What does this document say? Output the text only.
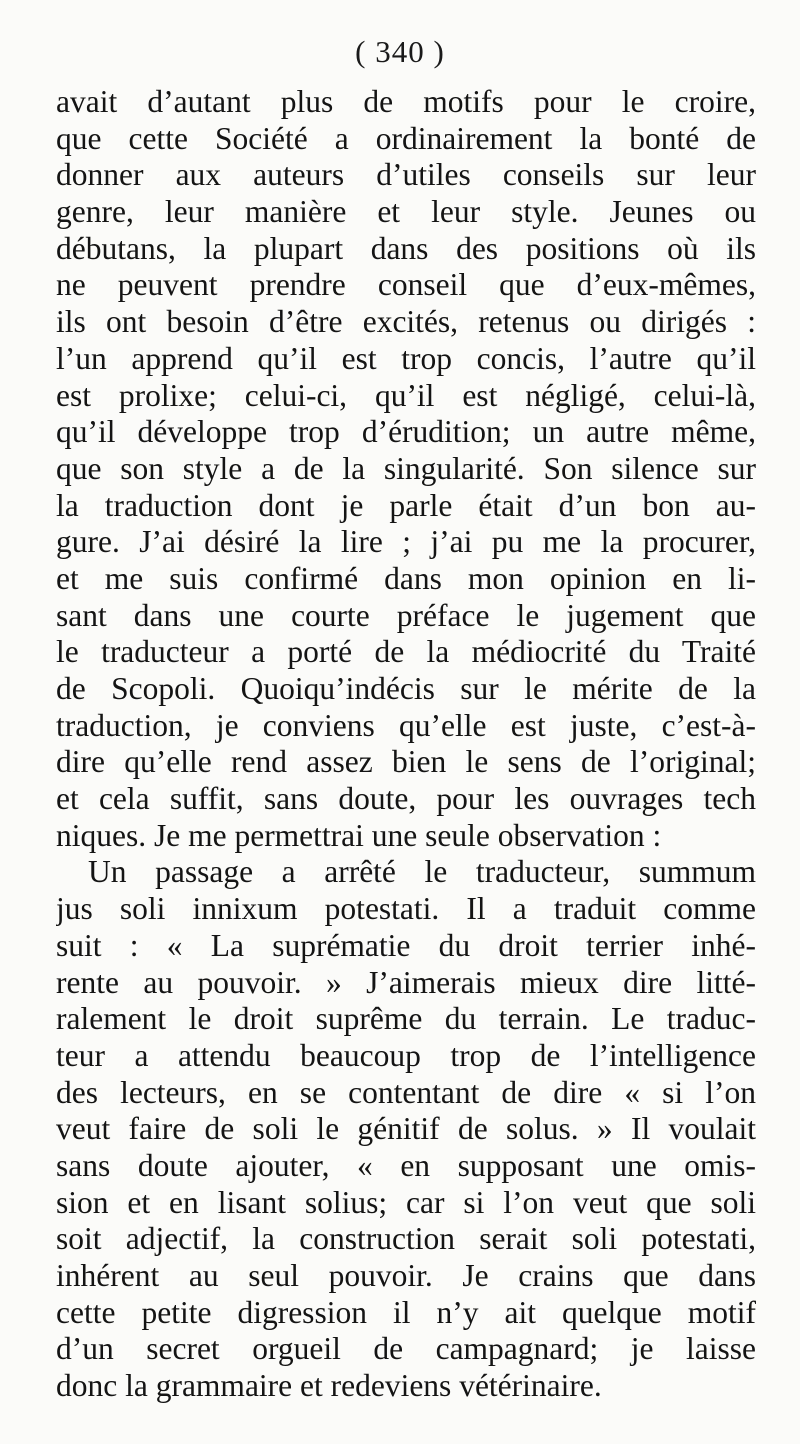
( 340 )
avait d’autant plus de motifs pour le croire,
que cette Société a ordinairement la bonté de
donner aux auteurs d’utiles conseils sur leur
genre, leur manière et leur style. Jeunes ou
débutans, la plupart dans des positions où ils
ne peuvent prendre conseil que d’eux-mêmes,
ils ont besoin d’être excités, retenus ou dirigés :
l’un apprend qu’il est trop concis, l’autre qu’il
est prolixe; celui-ci, qu’il est négligé, celui-là,
qu’il développe trop d’érudition; un autre même,
que son style a de la singularité. Son silence sur
la traduction dont je parle était d’un bon au-
gure. J’ai désiré la lire ; j’ai pu me la procurer,
et me suis confirmé dans mon opinion en li-
sant dans une courte préface le jugement que
le traducteur a porté de la médiocrité du Traité
de Scopoli. Quoiqu’indécis sur le mérite de la
traduction, je conviens qu’elle est juste, c’est-à-
dire qu’elle rend assez bien le sens de l’original;
et cela suffit, sans doute, pour les ouvrages tech
niques. Je me permettrai une seule observation :
Un passage a arrêté le traducteur, summum
jus soli innixum potestati. Il a traduit comme
suit : « La suprématie du droit terrier inhé-
rente au pouvoir. » J’aimerais mieux dire litté-
ralement le droit suprême du terrain. Le traduc-
teur a attendu beaucoup trop de l’intelligence
des lecteurs, en se contentant de dire « si l’on
veut faire de soli le génitif de solus. » Il voulait
sans doute ajouter, « en supposant une omis-
sion et en lisant solius; car si l’on veut que soli
soit adjectif, la construction serait soli potestati,
inhérent au seul pouvoir. Je crains que dans
cette petite digression il n’y ait quelque motif
d’un secret orgueil de campagnard; je laisse
donc la grammaire et redeviens vétérinaire.
